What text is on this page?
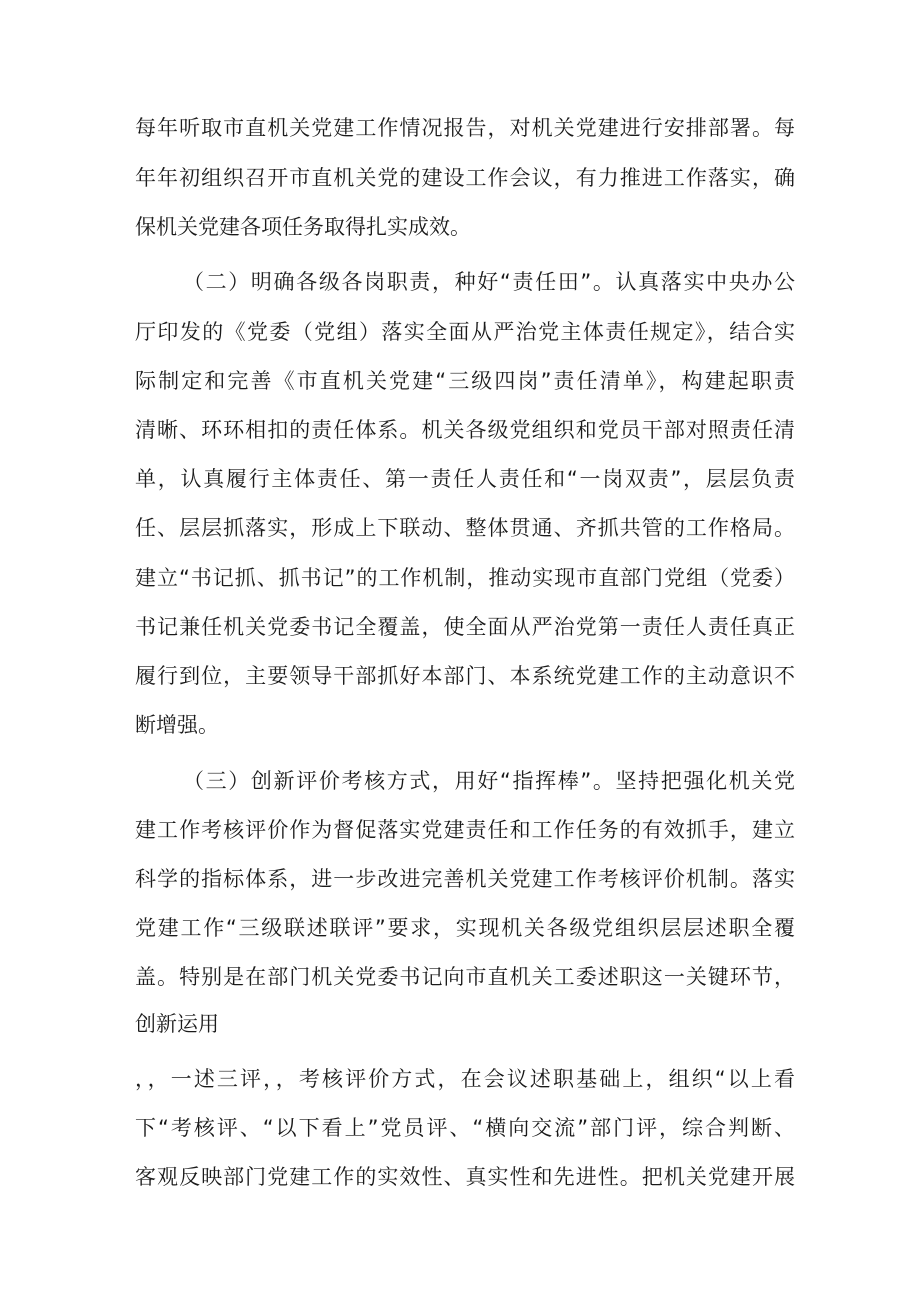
每年听取市直机关党建工作情况报告，对机关党建进行安排部署。每
年年初组织召开市直机关党的建设工作会议，有力推进工作落实，确
保机关党建各项任务取得扎实成效。
（二）明确各级各岗职责，种好“责任田”。认真落实中央办公
厅印发的《党委（党组）落实全面从严治党主体责任规定》，结合实
际制定和完善《市直机关党建“三级四岗”责任清单》，构建起职责
清晰、环环相扣的责任体系。机关各级党组织和党员干部对照责任清
单，认真履行主体责任、第一责任人责任和“一岗双责”，层层负责
任、层层抓落实，形成上下联动、整体贯通、齐抓共管的工作格局。
建立“书记抓、抓书记”的工作机制，推动实现市直部门党组（党委）
书记兼任机关党委书记全覆盖，使全面从严治党第一责任人责任真正
履行到位，主要领导干部抓好本部门、本系统党建工作的主动意识不
断增强。
（三）创新评价考核方式，用好“指挥棒”。坚持把强化机关党
建工作考核评价作为督促落实党建责任和工作任务的有效抓手，建立
科学的指标体系，进一步改进完善机关党建工作考核评价机制。落实
党建工作“三级联述联评”要求，实现机关各级党组织层层述职全覆
盖。特别是在部门机关党委书记向市直机关工委述职这一关键环节，
创新运用
，，一述三评，，考核评价方式，在会议述职基础上，组织“以上看
下“考核评、“以下看上”党员评、“横向交流”部门评，综合判断、
客观反映部门党建工作的实效性、真实性和先进性。把机关党建开展
